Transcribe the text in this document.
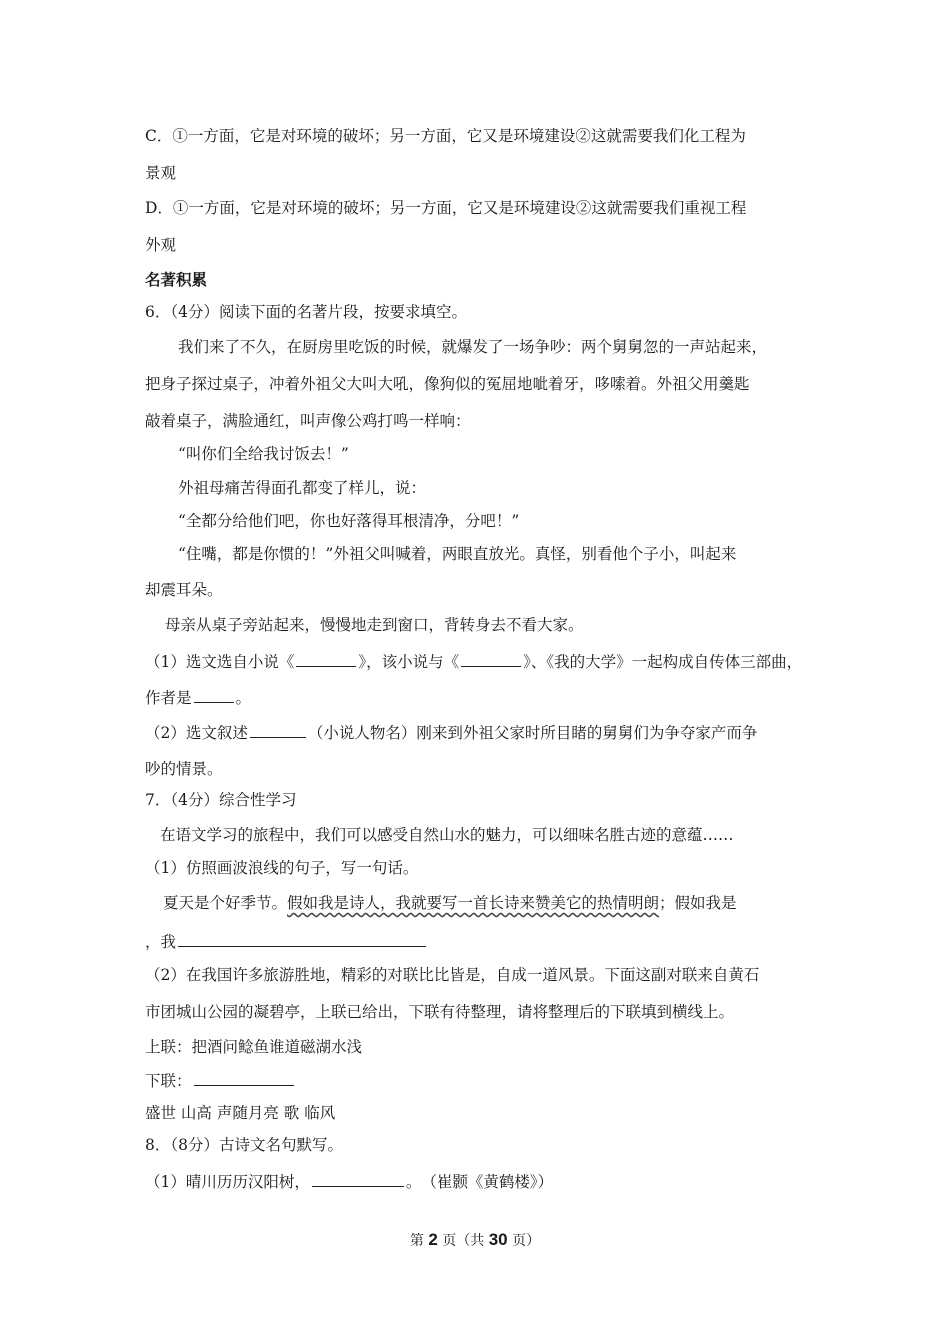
C．①一方面，它是对环境的破坏；另一方面，它又是环境建设②这就需要我们化工程为
景观
D．①一方面，它是对环境的破坏；另一方面，它又是环境建设②这就需要我们重视工程
外观
名著积累
6．（4分）阅读下面的名著片段，按要求填空。
我们来了不久，在厨房里吃饭的时候，就爆发了一场争吵：两个舅舅忽的一声站起来，
把身子探过桌子，冲着外祖父大叫大吼，像狗似的冤屈地呲着牙，哆嗦着。外祖父用羹匙
敲着桌子，满脸通红，叫声像公鸡打鸣一样响：
“叫你们全给我讨饭去！”
外祖母痛苦得面孔都变了样儿，说：
“全都分给他们吧，你也好落得耳根清净，分吧！”
“住嘴，都是你惯的！”外祖父叫喊着，两眼直放光。真怪，别看他个子小，叫起来
却震耳朵。
母亲从桌子旁站起来，慢慢地走到窗口，背转身去不看大家。
（1）选文选自小说《	》，该小说与《	》、《我的大学》一起构成自传体三部曲，
作者是	。
（2）选文叙述	（小说人物名）刚来到外祖父家时所目睹的舅舅们为争夺家产而争
吵的情景。
7．（4分）综合性学习
在语文学习的旅程中，我们可以感受自然山水的魅力，可以细味名胜古迹的意蕴……
（1）仿照画波浪线的句子，写一句话。
夏天是个好季节。假如我是诗人，我就要写一首长诗来赞美它的热情明朗；假如我是
，我
（2）在我国许多旅游胜地，精彩的对联比比皆是，自成一道风景。下面这副对联来自黄石
市团城山公园的凝碧亭，上联已给出，下联有待整理，请将整理后的下联填到横线上。
上联：把酒问鲶鱼谁道磁湖水浅
下联：
盛世 山高 声随月亮 歌 临风
8．（8分）古诗文名句默写。
（1）晴川历历汉阳树，	。　（崔颢《黄鹤楼》）
第 2 页（共 30 页）
